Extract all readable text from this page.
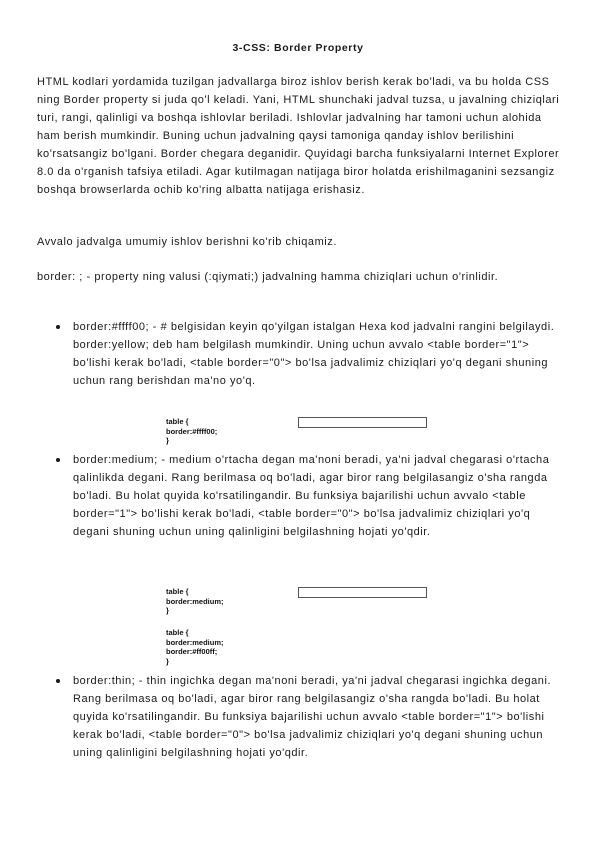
3-CSS: Border Property

HTML kodlari yordamida tuzilgan jadvallarga biroz ishlov berish kerak bo'ladi, va bu holda CSS ning Border property si juda qo'l keladi. Yani, HTML shunchaki jadval tuzsa, u javalning chiziqlari turi, rangi, qalinligi va boshqa ishlovlar beriladi. Ishlovlar jadvalning har tamoni uchun alohida ham berish mumkindir. Buning uchun jadvalning qaysi tamoniga qanday ishlov berilishini ko'rsatsangiz bo'lgani. Border chegara deganidir. Quyidagi barcha funksiyalarni Internet Explorer 8.0 da o'rganish tafsiya etiladi. Agar kutilmagan natijaga biror holatda erishilmaganini sezsangiz boshqa browserlarda ochib ko'ring albatta natijaga erishasiz.

Avvalo jadvalga umumiy ishlov berishni ko'rib chiqamiz.

border: ; - property ning valusi (:qiymati;) jadvalning hamma chiziqlari uchun o'rinlidir.

border:#ffff00; - # belgisidan keyin qo'yilgan istalgan Hexa kod jadvalni rangini belgilaydi. border:yellow; deb ham belgilash mumkindir. Uning uchun avvalo <table border="1"> bo'lishi kerak bo'ladi, <table border="0"> bo'lsa jadvalimiz chiziqlari yo'q degani shuning uchun rang berishdan ma'no yo'q.

table {
border:#ffff00;
}

border:medium; - medium o'rtacha degan ma'noni beradi, ya'ni jadval chegarasi o'rtacha qalinlikda degani. Rang berilmasa oq bo'ladi, agar biror rang belgilasangiz o'sha rangda bo'ladi. Bu holat quyida ko'rsatilingandir. Bu funksiya bajarilishi uchun avvalo <table border="1"> bo'lishi kerak bo'ladi, <table border="0"> bo'lsa jadvalimiz chiziqlari yo'q degani shuning uchun uning qalinligini belgilashning hojati yo'qdir.

table {
border:medium;
}
table {
border:medium;
border:#ff00ff;
}

border:thin; - thin ingichka degan ma'noni beradi, ya'ni jadval chegarasi ingichka degani. Rang berilmasa oq bo'ladi, agar biror rang belgilasangiz o'sha rangda bo'ladi. Bu holat quyida ko'rsatilingandir. Bu funksiya bajarilishi uchun avvalo <table border="1"> bo'lishi kerak bo'ladi, <table border="0"> bo'lsa jadvalimiz chiziqlari yo'q degani shuning uchun uning qalinligini belgilashning hojati yo'qdir.
